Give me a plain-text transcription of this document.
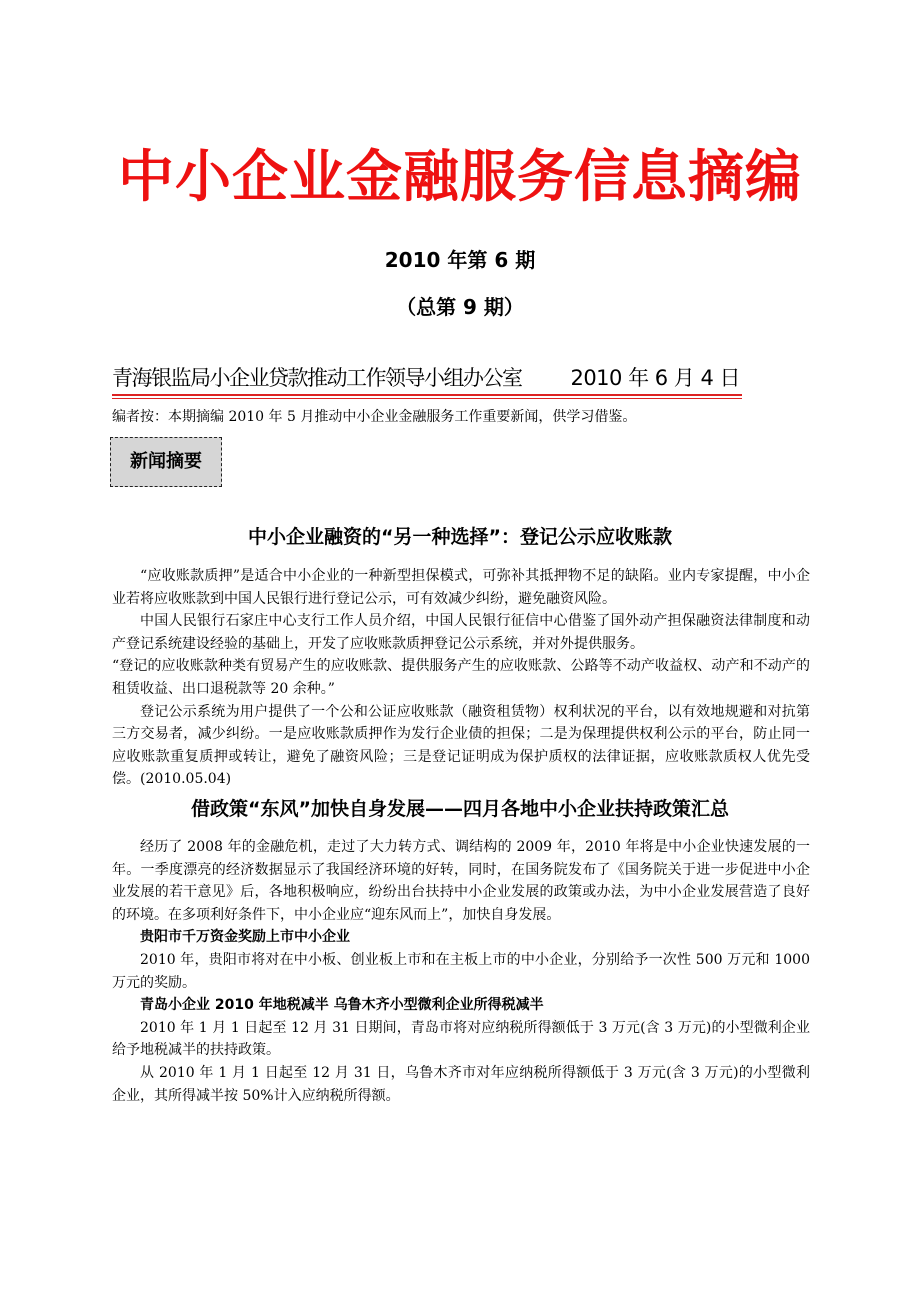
中小企业金融服务信息摘编
2010 年第 6 期
（总第 9 期）
青海银监局小企业贷款推动工作领导小组办公室 2010 年 6 月 4 日
编者按：本期摘编 2010 年 5 月推动中小企业金融服务工作重要新闻，供学习借鉴。
新闻摘要
中小企业融资的“另一种选择”：登记公示应收账款

“应收账款质押”是适合中小企业的一种新型担保模式，可弥补其抵押物不足的缺陷。业内专家提醒，中小企业若将应收账款到中国人民银行进行登记公示，可有效减少纠纷，避免融资风险。

中国人民银行石家庄中心支行工作人员介绍，中国人民银行征信中心借鉴了国外动产担保融资法律制度和动产登记系统建设经验的基础上，开发了应收账款质押登记公示系统，并对外提供服务。

“登记的应收账款种类有贸易产生的应收账款、提供服务产生的应收账款、公路等不动产收益权、动产和不动产的租赁收益、出口退税款等 20 余种。”

登记公示系统为用户提供了一个公和公证应收账款（融资租赁物）权利状况的平台，以有效地规避和对抗第三方交易者，减少纠纷。一是应收账款质押作为发行企业债的担保；二是为保理提供权利公示的平台，防止同一应收账款重复质押或转让，避免了融资风险；三是登记证明成为保护质权的法律证据，应收账款质权人优先受偿。(2010.05.04)

借政策“东风”加快自身发展——四月各地中小企业扶持政策汇总

经历了 2008 年的金融危机，走过了大力转方式、调结构的 2009 年，2010 年将是中小企业快速发展的一年。一季度漂亮的经济数据显示了我国经济环境的好转，同时，在国务院发布了《国务院关于进一步促进中小企业发展的若干意见》后，各地积极响应，纷纷出台扶持中小企业发展的政策或办法，为中小企业发展营造了良好的环境。在多项利好条件下，中小企业应“迎东风而上”，加快自身发展。

贵阳市千万资金奖励上市中小企业

2010 年，贵阳市将对在中小板、创业板上市和在主板上市的中小企业，分别给予一次性 500 万元和 1000 万元的奖励。

青岛小企业 2010 年地税减半 乌鲁木齐小型微利企业所得税减半

2010 年 1 月 1 日起至 12 月 31 日期间，青岛市将对应纳税所得额低于 3 万元(含 3 万元)的小型微利企业给予地税减半的扶持政策。

从 2010 年 1 月 1 日起至 12 月 31 日，乌鲁木齐市对年应纳税所得额低于 3 万元(含 3 万元)的小型微利企业，其所得减半按 50%计入应纳税所得额。
